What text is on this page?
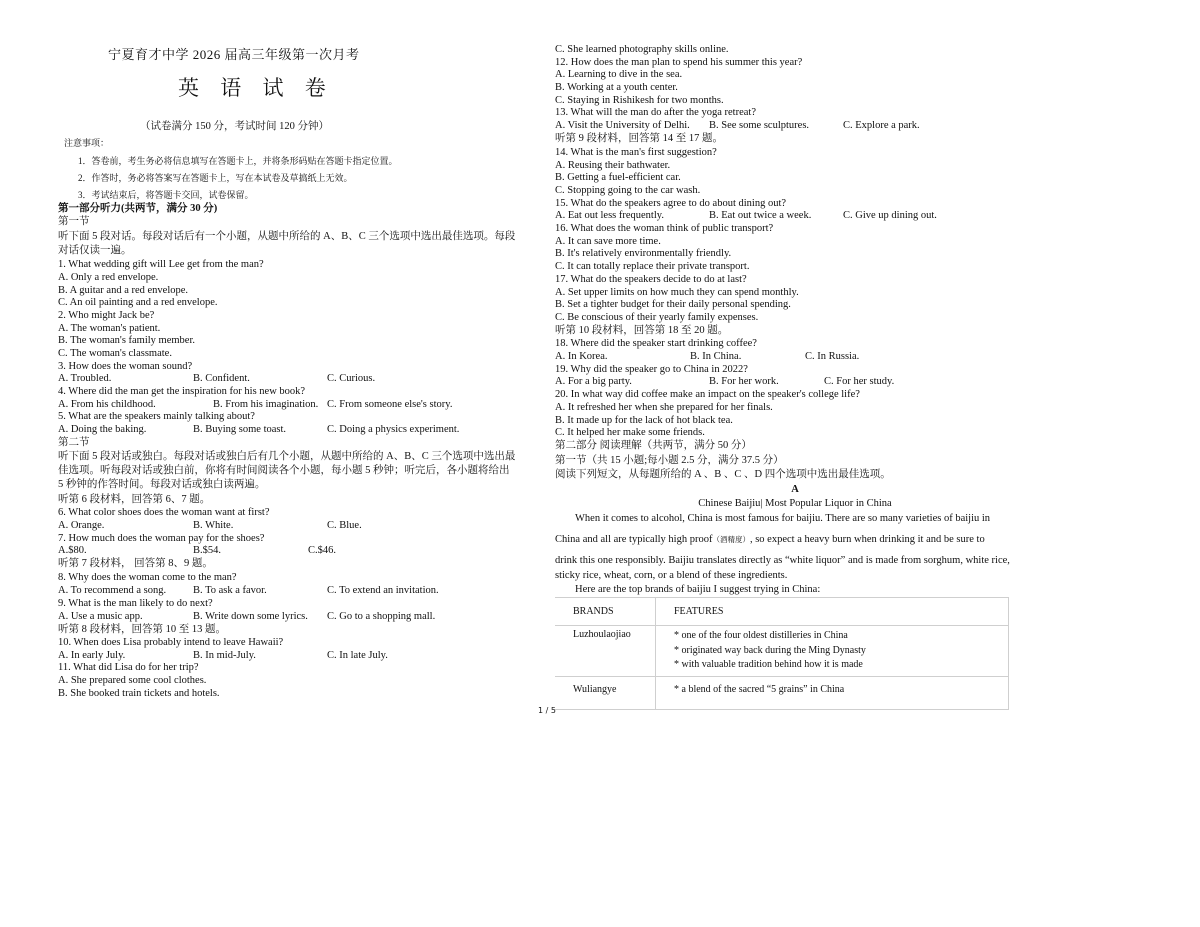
宁夏育才中学 2026 届高三年级第一次月考
英 语 试 卷
（试卷满分 150 分，考试时间 120 分钟）
注意事项：
1．答卷前，考生务必将信息填写在答题卡上，并将条形码贴在答题卡指定位置。
2．作答时，务必将答案写在答题卡上，写在本试卷及草搞纸上无效。
3．考试结束后，将答题卡交回，试卷保留。
第一部分听力(共两节，满分 30 分)
第一节
听下面 5 段对话。每段对话后有一个小题，从题中所给的 A、B、C 三个选项中选出最佳选项。每段
对话仅读一遍。
1. What wedding gift will Lee get from the man?
A. Only a red envelope.
B. A guitar and a red envelope.
C. An oil painting and a red envelope.
2. Who might Jack be?
A. The woman's patient.
B. The woman's family member.
C. The woman's classmate.
3. How does the woman sound?
A. Troubled.	B. Confident.	C. Curious.
4. Where did the man get the inspiration for his new book?
A. From his childhood.	B. From his imagination. C. From someone else's story.
5. What are the speakers mainly talking about?
A. Doing the baking.	B. Buying some toast.	C. Doing a physics experiment.
第二节
听下面 5 段对话或独白。每段对话或独白后有几个小题，从题中所给的 A、B、C 三个选项中选出最
佳选项。听每段对话或独白前，你将有时间阅读各个小题，每小题 5 秒钟；听完后，各小题将给出
5 秒钟的作答时间。每段对话或独白读两遍。
听第 6 段材料，回答第 6、7 题。
6. What color shoes does the woman want at first?
A. Orange.	B. White.	C. Blue.
7. How much does the woman pay for the shoes?
A.$80.	B.$54.	C.$46.
听第 7 段材料， 回答第 8、9 题。
8. Why does the woman come to the man?
A. To recommend a song.	B. To ask a favor.	C. To extend an invitation.
9. What is the man likely to do next?
A. Use a music app.	B. Write down some lyrics. C. Go to a shopping mall.
听第 8 段材料，回答第 10 至 13 题。
10. When does Lisa probably intend to leave Hawaii?
A. In early July.	B. In mid-July.	C. In late July.
11. What did Lisa do for her trip?
A. She prepared some cool clothes.
B. She booked train tickets and hotels.
C. She learned photography skills online.
12. How does the man plan to spend his summer this year?
A. Learning to dive in the sea.
B. Working at a youth center.
C. Staying in Rishikesh for two months.
13. What will the man do after the yoga retreat?
A. Visit the University of Delhi. B. See some sculptures.	C. Explore a park.
听第 9 段材料，回答第 14 至 17 题。
14. What is the man's first suggestion?
A. Reusing their bathwater.
B. Getting a fuel-efficient car.
C. Stopping going to the car wash.
15. What do the speakers agree to do about dining out?
A. Eat out less frequently.	B. Eat out twice a week.	C. Give up dining out.
16. What does the woman think of public transport?
A. It can save more time.
B. It's relatively environmentally friendly.
C. It can totally replace their private transport.
17. What do the speakers decide to do at last?
A. Set upper limits on how much they can spend monthly.
B. Set a tighter budget for their daily personal spending.
C. Be conscious of their yearly family expenses.
听第 10 段材料，回答第 18 至 20 题。
18. Where did the speaker start drinking coffee?
A. In Korea.	B. In China.	C. In Russia.
19. Why did the speaker go to China in 2022?
A. For a big party.	B. For her work.	C. For her study.
20. In what way did coffee make an impact on the speaker's college life?
A. It refreshed her when she prepared for her finals.
B. It made up for the lack of hot black tea.
C. It helped her make some friends.
第二部分 阅读理解（共两节，满分 50 分）
第一节（共 15 小题;每小题 2.5 分，满分 37.5 分）
阅读下列短文，从每题所给的 A 、B 、C 、D 四个选项中选出最佳选项。
A
Chinese Baijiu| Most Popular Liquor in China
When it comes to alcohol, China is most famous for baijiu. There are so many varieties of baijiu in
China and all are typically high proof（酒精度）, so expect a heavy burn when drinking it and be sure to
drink this one responsibly. Baijiu translates directly as “white liquor” and is made from sorghum, white rice,
sticky rice, wheat, corn, or a blend of these ingredients.
Here are the top brands of baijiu I suggest trying in China:
BRANDS	FEATURES
Luzhoulaojiao	* one of the four oldest distilleries in China
* originated way back during the Ming Dynasty
* with valuable tradition behind how it is made

Wuliangye	* a blend of the sacred “5 grains” in China
1 / 5
